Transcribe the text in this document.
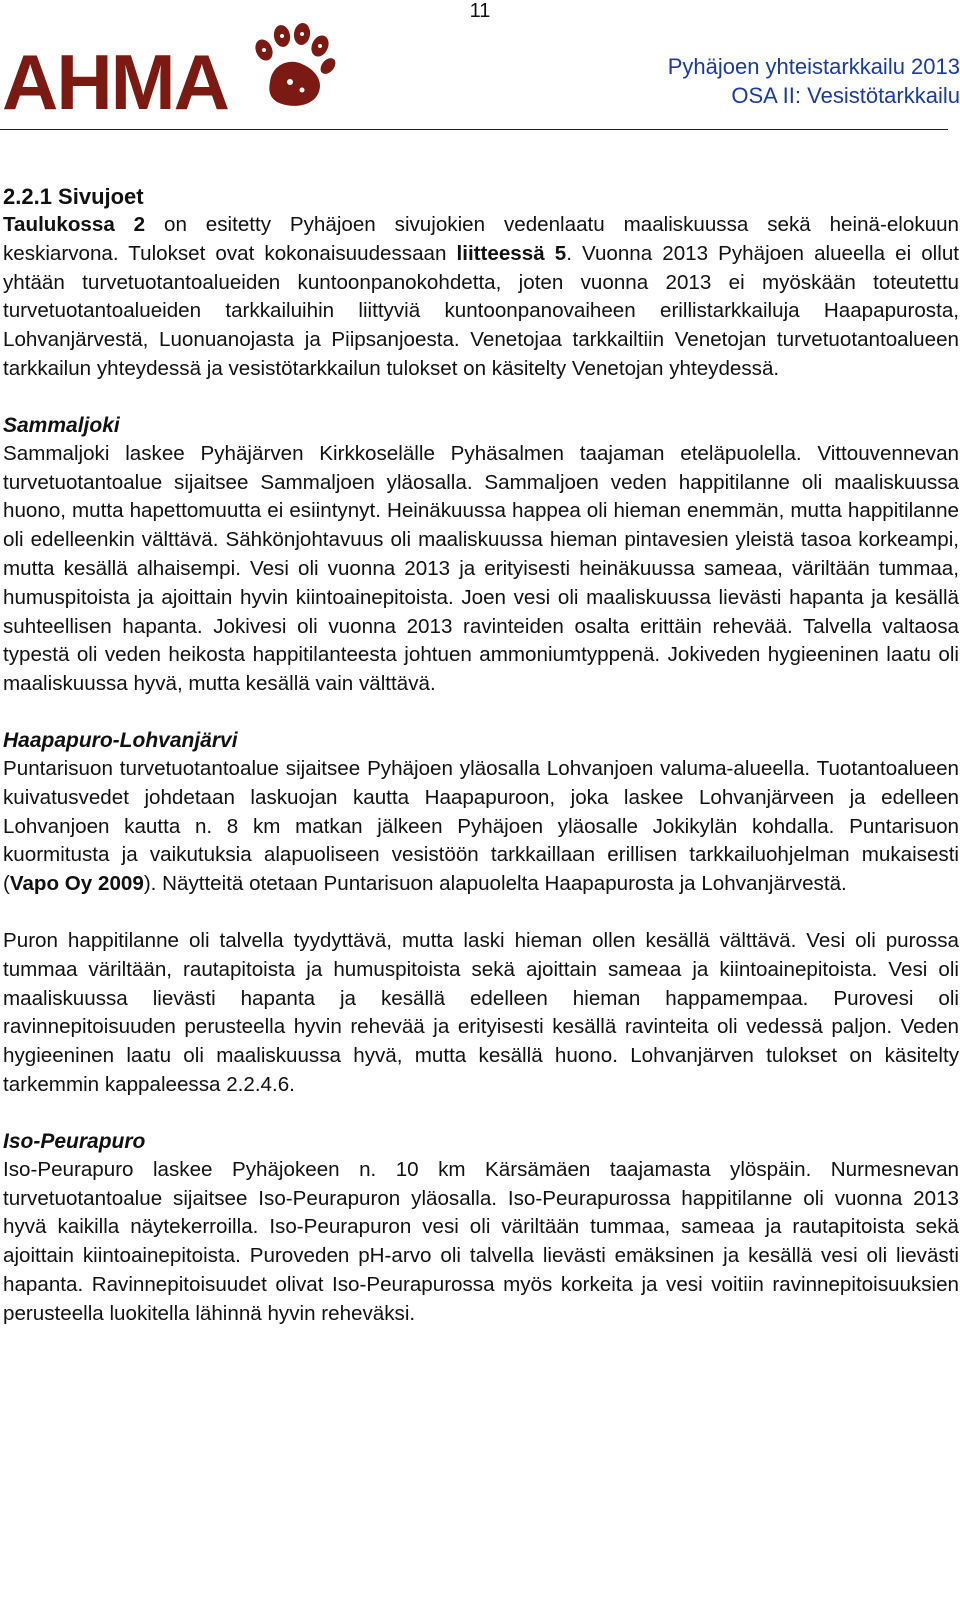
11
AHMA	Pyhäjoen yhteistarkkailu 2013
OSA II: Vesistötarkkailu

2.2.1 Sivujoet

Taulukossa 2 on esitetty Pyhäjoen sivujokien vedenlaatu maaliskuussa sekä heinä-elokuun keskiarvona. Tulokset ovat kokonaisuudessaan liitteessä 5. Vuonna 2013 Pyhäjoen alueella ei ollut yhtään turvetuotantoalueiden kuntoonpanokohdetta, joten vuonna 2013 ei myöskään toteutettu turvetuotantoalueiden tarkkailuihin liittyviä kuntoonpanovaiheen erillistarkkailuja Haapapurosta, Lohvanjärvestä, Luonuanojasta ja Piipsanjoesta. Venetojaa tarkkailtiin Venetojan turvetuotantoalueen tarkkailun yhteydessä ja vesistötarkkailun tulokset on käsitelty Venetojan yhteydessä.

Sammaljoki

Sammaljoki laskee Pyhäjärven Kirkkoselälle Pyhäsalmen taajaman eteläpuolella. Vittouvennevan turvetuotantoalue sijaitsee Sammaljoen yläosalla. Sammaljoen veden happitilanne oli maaliskuussa huono, mutta hapettomuutta ei esiintynyt. Heinäkuussa happea oli hieman enemmän, mutta happitilanne oli edelleenkin välttävä. Sähkönjohtavuus oli maaliskuussa hieman pintavesien yleistä tasoa korkeampi, mutta kesällä alhaisempi. Vesi oli vuonna 2013 ja erityisesti heinäkuussa sameaa, väriltään tummaa, humuspitoista ja ajoittain hyvin kiintoainepitoista. Joen vesi oli maaliskuussa lievästi hapanta ja kesällä suhteellisen hapanta. Jokivesi oli vuonna 2013 ravinteiden osalta erittäin rehevää. Talvella valtaosa typestä oli veden heikosta happitilanteesta johtuen ammoniumtyppenä. Jokiveden hygieeninen laatu oli maaliskuussa hyvä, mutta kesällä vain välttävä.

Haapapuro-Lohvanjärvi

Puntarisuon turvetuotantoalue sijaitsee Pyhäjoen yläosalla Lohvanjoen valuma-alueella. Tuotantoalueen kuivatusvedet johdetaan laskuojan kautta Haapapuroon, joka laskee Lohvanjärveen ja edelleen Lohvanjoen kautta n. 8 km matkan jälkeen Pyhäjoen yläosalle Jokikylän kohdalla. Puntarisuon kuormitusta ja vaikutuksia alapuoliseen vesistöön tarkkaillaan erillisen tarkkailuohjelman mukaisesti (Vapo Oy 2009). Näytteitä otetaan Puntarisuon alapuolelta Haapapurosta ja Lohvanjärvestä.

Puron happitilanne oli talvella tyydyttävä, mutta laski hieman ollen kesällä välttävä. Vesi oli purossa tummaa väriltään, rautapitoista ja humuspitoista sekä ajoittain sameaa ja kiintoainepitoista. Vesi oli maaliskuussa lievästi hapanta ja kesällä edelleen hieman happamempaa. Purovesi oli ravinnepitoisuuden perusteella hyvin rehevää ja erityisesti kesällä ravinteita oli vedessä paljon. Veden hygieeninen laatu oli maaliskuussa hyvä, mutta kesällä huono. Lohvanjärven tulokset on käsitelty tarkemmin kappaleessa 2.2.4.6.

Iso-Peurapuro

Iso-Peurapuro laskee Pyhäjokeen n. 10 km Kärsämäen taajamasta ylöspäin. Nurmesnevan turvetuotantoalue sijaitsee Iso-Peurapuron yläosalla. Iso-Peurapurossa happitilanne oli vuonna 2013 hyvä kaikilla näytekerroilla. Iso-Peurapuron vesi oli väriltään tummaa, sameaa ja rautapitoista sekä ajoittain kiintoainepitoista. Puroveden pH-arvo oli talvella lievästi emäksinen ja kesällä vesi oli lievästi hapanta. Ravinnepitoisuudet olivat Iso-Peurapurossa myös korkeita ja vesi voitiin ravinnepitoisuuksien perusteella luokitella lähinnä hyvin reheväksi.
